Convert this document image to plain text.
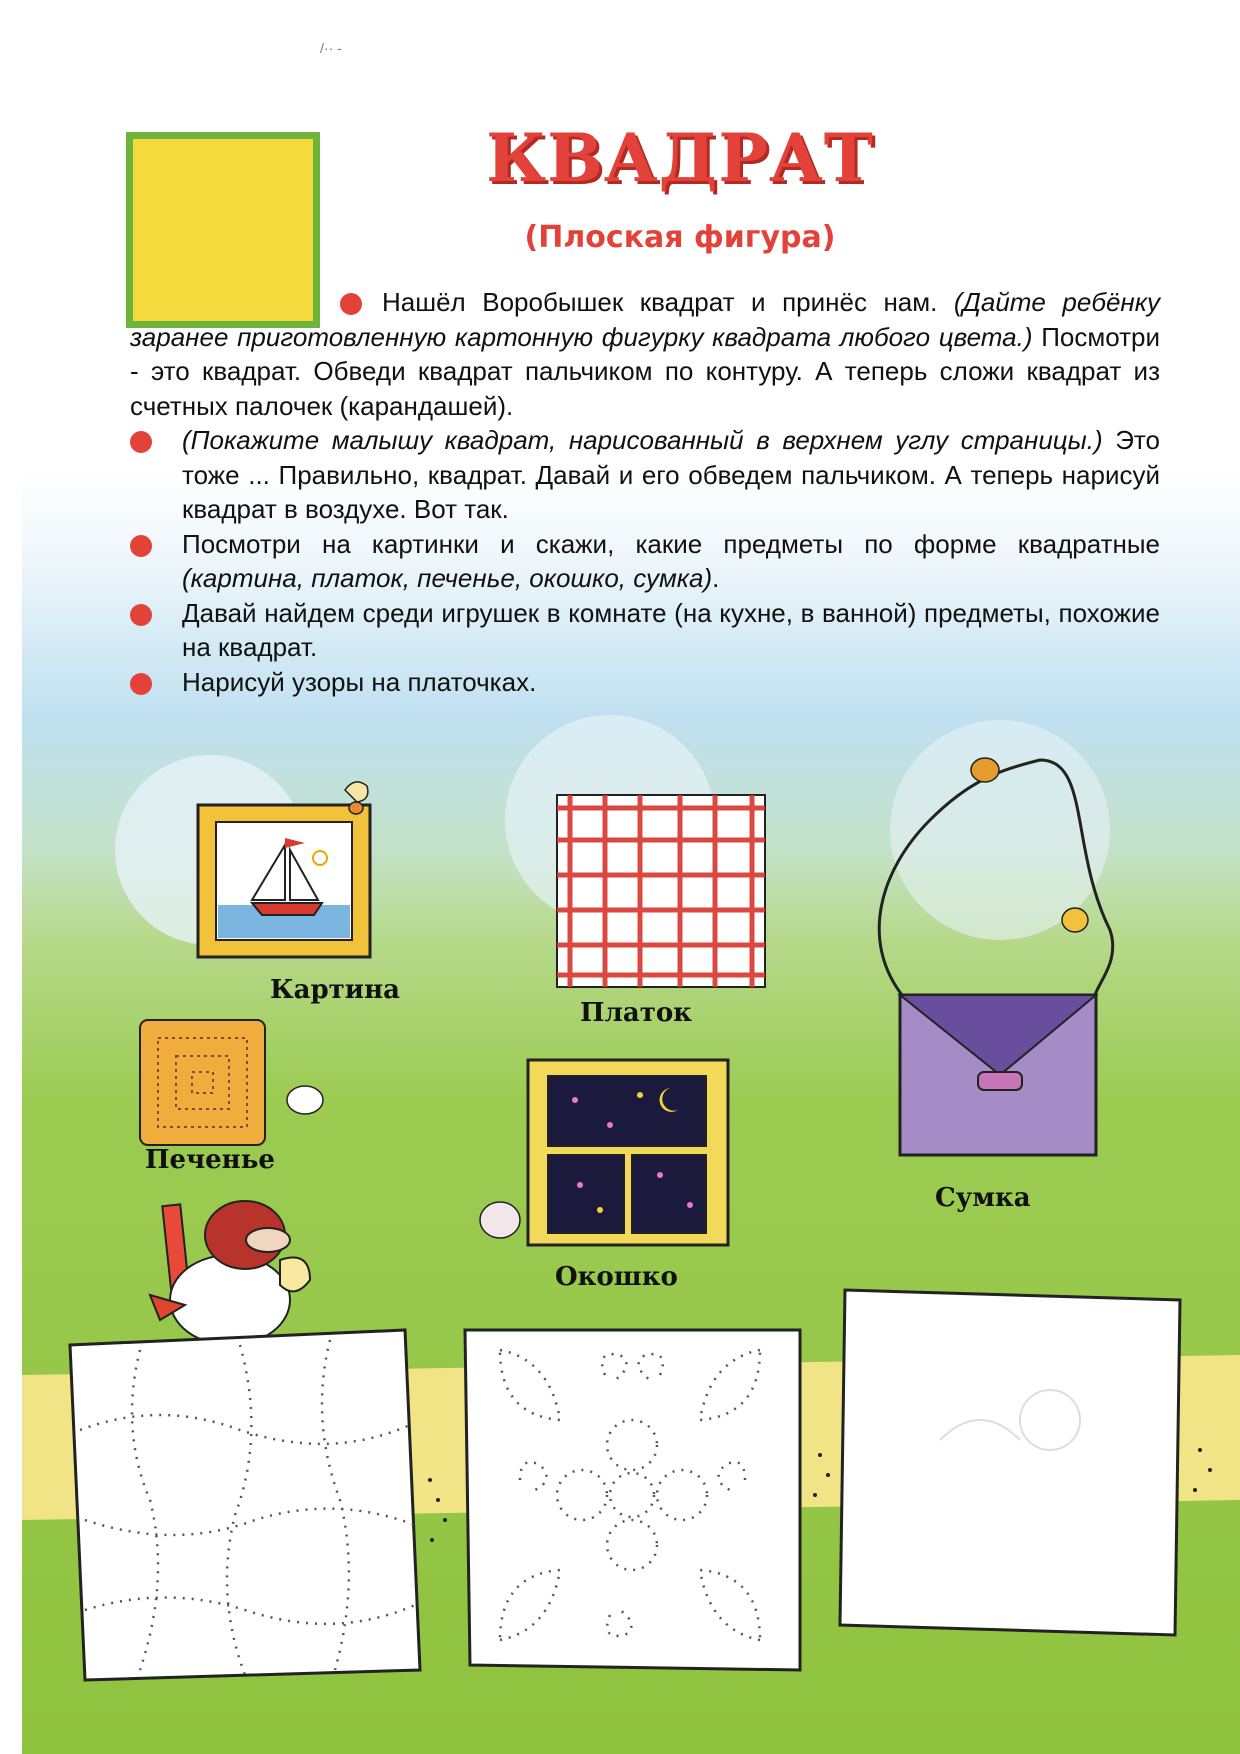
/·· -
КВАДРАТ
(Плоская фигура)

Нашёл Воробышек квадрат и принёс нам. (Дайте ребёнку заранее приготовленную картонную фигурку квадрата любого цвета.) Посмотри - это квадрат. Обведи квадрат пальчиком по контуру. А теперь сложи квадрат из счетных палочек (карандашей).

(Покажите малышу квадрат, нарисованный в верхнем углу страницы.) Это тоже ... Правильно, квадрат. Давай и его обведем пальчиком. А теперь нарисуй квадрат в воздухе. Вот так.

Посмотри на картинки и скажи, какие предметы по форме квадратные (картина, платок, печенье, окошко, сумка).

Давай найдем среди игрушек в комнате (на кухне, в ванной) предметы, похожие на квадрат.

Нарисуй узоры на платочках.

Картина
Платок
Печенье
Окошко
Сумка
